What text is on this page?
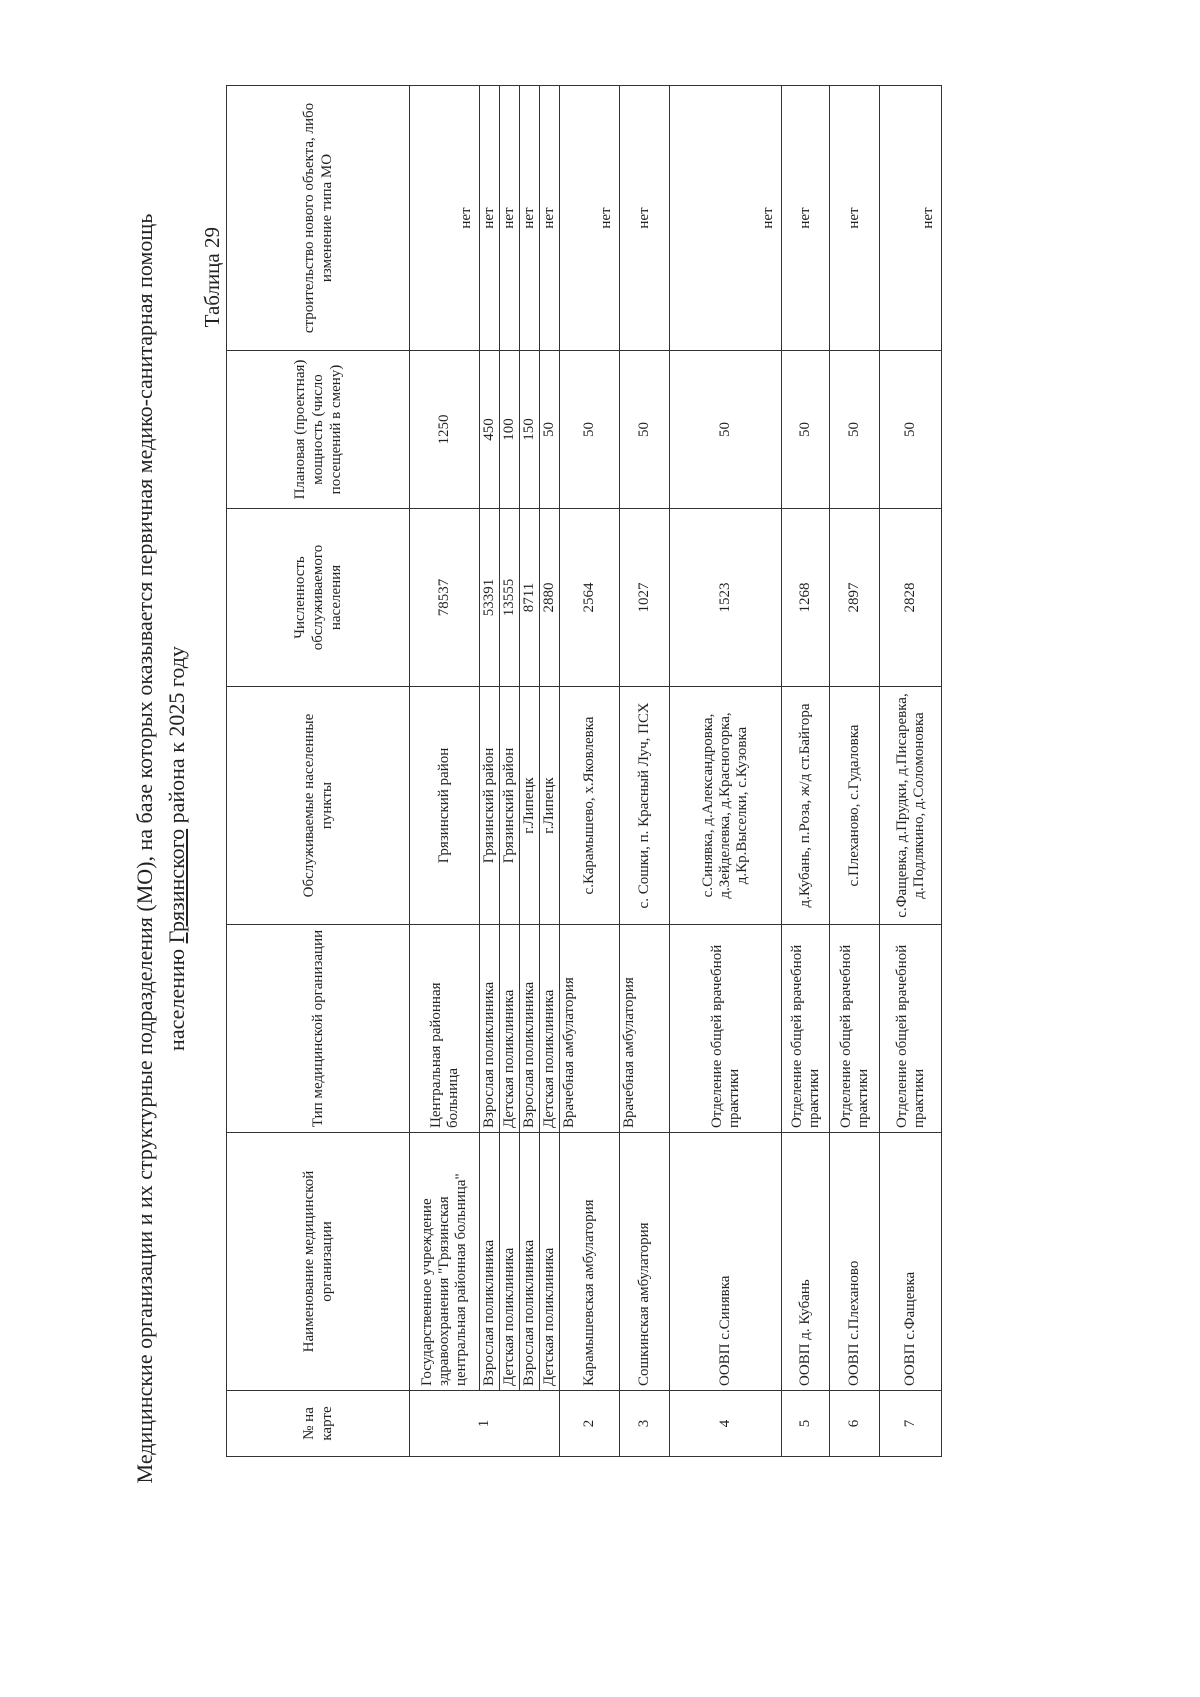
Медицинские организации и их структурные подразделения (МО), на базе которых оказывается первичная медико-санитарная помощь населению Грязинского района к 2025 году
Таблица 29
№ на карте	Наименование медицинской организации	Тип медицинской организации	Обслуживаемые населенные пункты	Численность обслуживаемого населения	Плановая (проектная) мощность (число посещений в смену)	строительство нового объекта, либо изменение типа МО
1	Государственное учреждение здравоохранения "Грязинская центральная районная больница"	Центральная районная больница	Грязинский район	78537	1250	нет
	Взрослая поликлиника	Взрослая поликлиника	Грязинский район	53391	450	нет
	Детская поликлиника	Детская поликлиника	Грязинский район	13555	100	нет
	Взрослая поликлиника	Взрослая поликлиника	г.Липецк	8711	150	нет
	Детская поликлиника	Детская поликлиника	г.Липецк	2880	50	нет
2	Карамышевская амбулатория	Врачебная амбулатория	с.Карамышево, х.Яковлевка	2564	50	нет
3	Сошкинская амбулатория	Врачебная амбулатория	с. Сошки, п. Красный Луч, ПСХ	1027	50	нет
4	ООВП с.Синявка	Отделение общей врачебной практики	с.Синявка, д.Александровка, д.Зейделевка, д.Красногорка, д.Кр.Выселки, с.Кузовка	1523	50	нет
5	ООВП д. Кубань	Отделение общей врачебной практики	д.Кубань, п.Роза, ж/д ст.Байгора	1268	50	нет
6	ООВП с.Плеханово	Отделение общей врачебной практики	с.Плеханово, с.Гудаловка	2897	50	нет
7	ООВП с.Фащевка	Отделение общей врачебной практики	с.Фащевка, д.Прудки, д.Писаревка, д.Подлякино, д.Соломоновка	2828	50	нет
